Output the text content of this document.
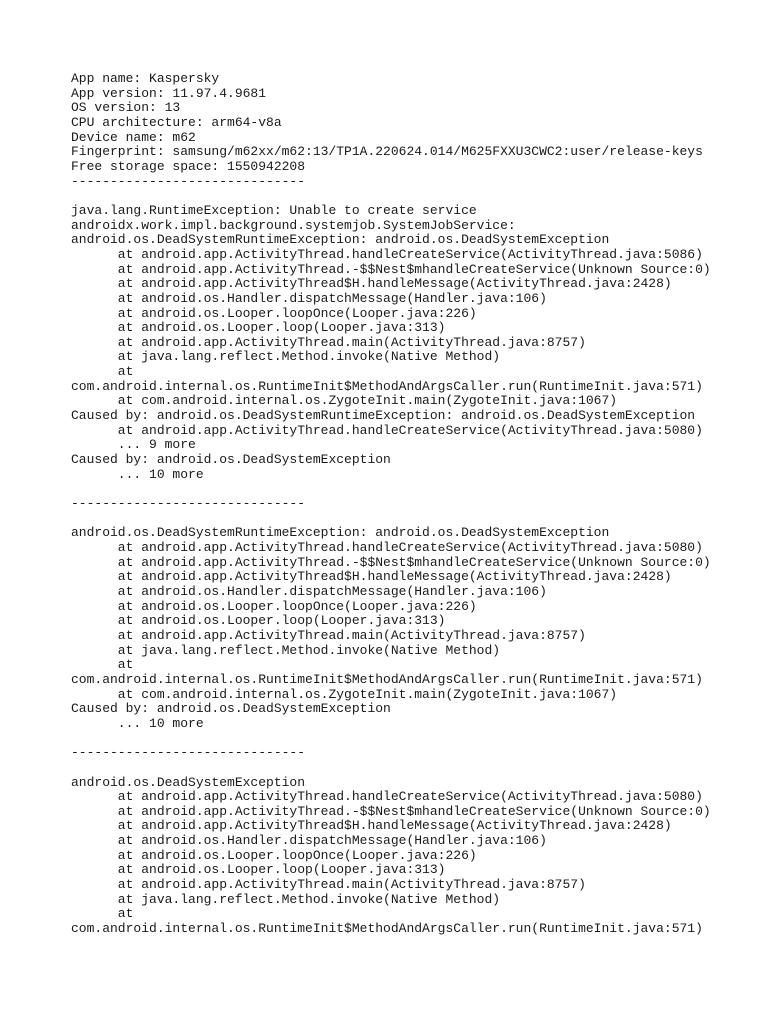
App name: Kaspersky
App version: 11.97.4.9681
OS version: 13
CPU architecture: arm64-v8a
Device name: m62
Fingerprint: samsung/m62xx/m62:13/TP1A.220624.014/M625FXXU3CWC2:user/release-keys
Free storage space: 1550942208
------------------------------
java.lang.RuntimeException: Unable to create service
androidx.work.impl.background.systemjob.SystemJobService:
android.os.DeadSystemRuntimeException: android.os.DeadSystemException
at android.app.ActivityThread.handleCreateService(ActivityThread.java:5086)
at android.app.ActivityThread.-$$Nest$mhandleCreateService(Unknown Source:0)
at android.app.ActivityThread$H.handleMessage(ActivityThread.java:2428)
at android.os.Handler.dispatchMessage(Handler.java:106)
at android.os.Looper.loopOnce(Looper.java:226)
at android.os.Looper.loop(Looper.java:313)
at android.app.ActivityThread.main(ActivityThread.java:8757)
at java.lang.reflect.Method.invoke(Native Method)
at
com.android.internal.os.RuntimeInit$MethodAndArgsCaller.run(RuntimeInit.java:571)
at com.android.internal.os.ZygoteInit.main(ZygoteInit.java:1067)
Caused by: android.os.DeadSystemRuntimeException: android.os.DeadSystemException
at android.app.ActivityThread.handleCreateService(ActivityThread.java:5080)
... 9 more
Caused by: android.os.DeadSystemException
... 10 more
------------------------------
android.os.DeadSystemRuntimeException: android.os.DeadSystemException
at android.app.ActivityThread.handleCreateService(ActivityThread.java:5080)
at android.app.ActivityThread.-$$Nest$mhandleCreateService(Unknown Source:0)
at android.app.ActivityThread$H.handleMessage(ActivityThread.java:2428)
at android.os.Handler.dispatchMessage(Handler.java:106)
at android.os.Looper.loopOnce(Looper.java:226)
at android.os.Looper.loop(Looper.java:313)
at android.app.ActivityThread.main(ActivityThread.java:8757)
at java.lang.reflect.Method.invoke(Native Method)
at
com.android.internal.os.RuntimeInit$MethodAndArgsCaller.run(RuntimeInit.java:571)
at com.android.internal.os.ZygoteInit.main(ZygoteInit.java:1067)
Caused by: android.os.DeadSystemException
... 10 more
------------------------------
android.os.DeadSystemException
at android.app.ActivityThread.handleCreateService(ActivityThread.java:5080)
at android.app.ActivityThread.-$$Nest$mhandleCreateService(Unknown Source:0)
at android.app.ActivityThread$H.handleMessage(ActivityThread.java:2428)
at android.os.Handler.dispatchMessage(Handler.java:106)
at android.os.Looper.loopOnce(Looper.java:226)
at android.os.Looper.loop(Looper.java:313)
at android.app.ActivityThread.main(ActivityThread.java:8757)
at java.lang.reflect.Method.invoke(Native Method)
at
com.android.internal.os.RuntimeInit$MethodAndArgsCaller.run(RuntimeInit.java:571)
